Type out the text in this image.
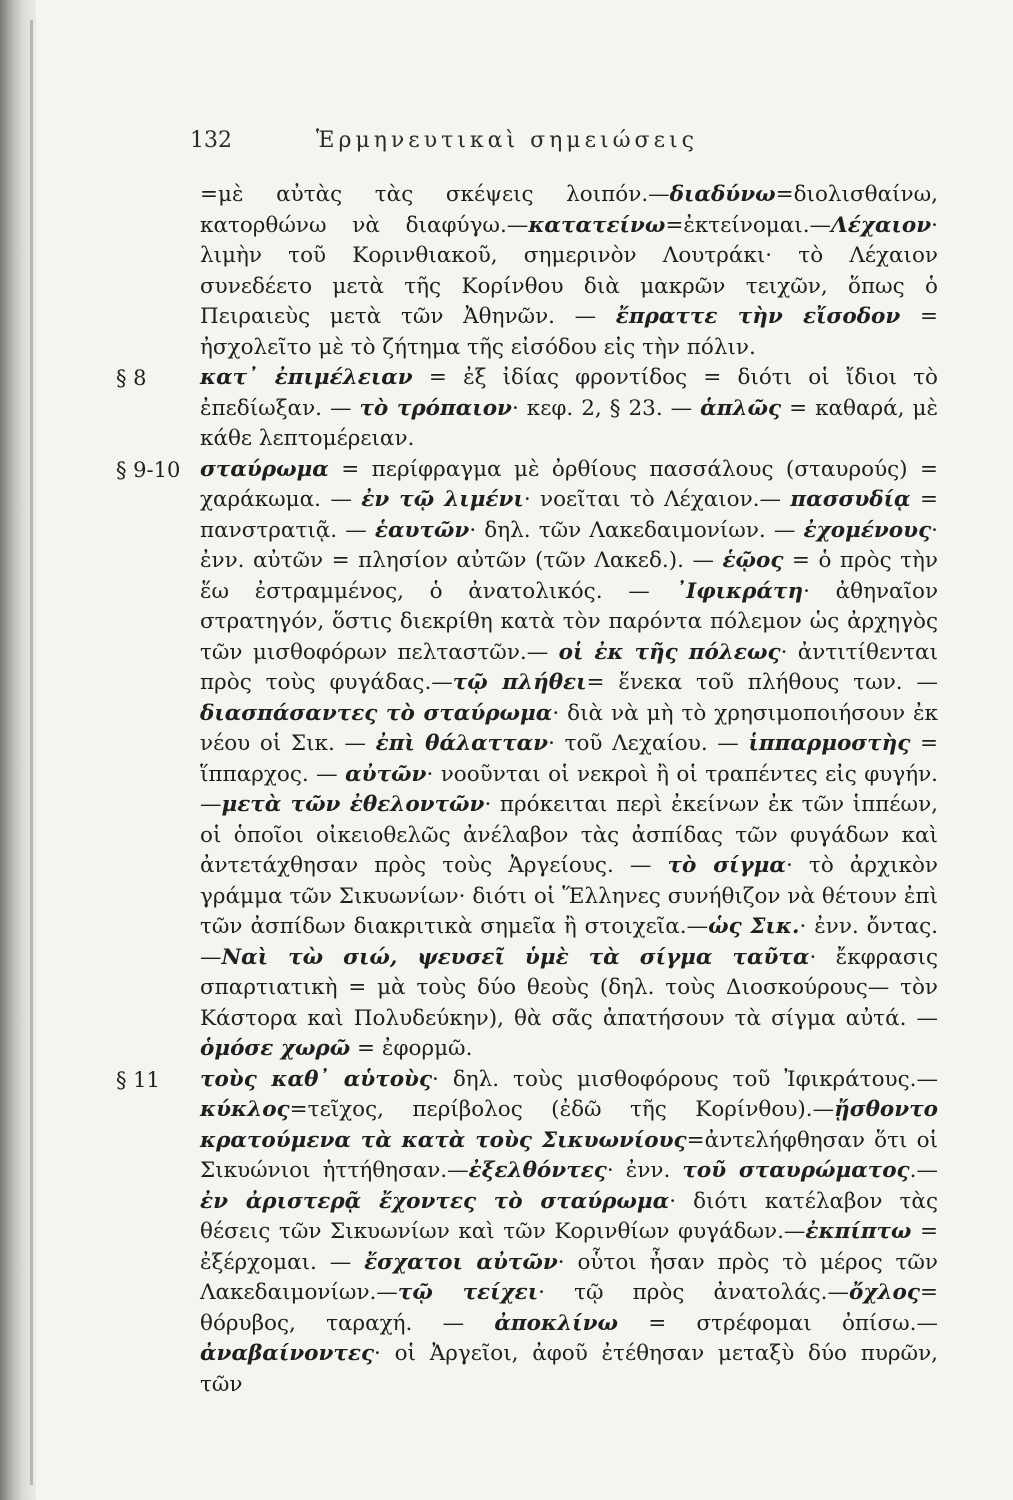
132	Ἑρμηνευτικαὶ σημειώσεις

=μὲ αὐτὰς τὰς σκέψεις λοιπόν.—διαδύνω=διολισθαίνω, κατορθώνω νὰ διαφύγω.—κατατείνω=ἐκτείνομαι.—Λέχαιον· λιμὴν τοῦ Κορινθιακοῦ, σημερινὸν Λουτράκι· τὸ Λέχαιον συνεδέετο μετὰ τῆς Κορίνθου διὰ μακρῶν τειχῶν, ὅπως ὁ Πειραιεὺς μετὰ τῶν Ἀθηνῶν. — ἔπραττε τὴν εἴσοδον = ἠσχολεῖτο μὲ τὸ ζήτημα τῆς εἰσόδου εἰς τὴν πόλιν.

§ 8 κατ᾿ ἐπιμέλειαν = ἐξ ἰδίας φροντίδος = διότι οἱ ἴδιοι τὸ ἐπεδίωξαν. — τὸ τρόπαιον· κεφ. 2, § 23. — ἁπλῶς = καθαρά, μὲ κάθε λεπτομέρειαν.

§ 9-10 σταύρωμα = περίφραγμα μὲ ὀρθίους πασσάλους (σταυρούς) = χαράκωμα. — ἐν τῷ λιμένι· νοεῖται τὸ Λέχαιον.— πασσυδίᾳ = πανστρατιᾷ. — ἑαυτῶν· δηλ. τῶν Λακεδαιμονίων. — ἐχομένους· ἐνν. αὐτῶν = πλησίον αὐτῶν (τῶν Λακεδ.). — ἑῷος = ὁ πρὸς τὴν ἕω ἐστραμμένος, ὁ ἀνατολικός. — ᾿Ιφικράτη· ἀθηναῖον στρατηγόν, ὅστις διεκρίθη κατὰ τὸν παρόντα πόλεμον ὡς ἀρχηγὸς τῶν μισθοφόρων πελταστῶν.— οἱ ἐκ τῆς πόλεως· ἀντιτίθενται πρὸς τοὺς φυγάδας.—τῷ πλήθει= ἕνεκα τοῦ πλήθους των. — διασπάσαντες τὸ σταύρωμα· διὰ νὰ μὴ τὸ χρησιμοποιήσουν ἐκ νέου οἱ Σικ. — ἐπὶ θάλατταν· τοῦ Λεχαίου. — ἱππαρμοστὴς = ἵππαρχος. — αὐτῶν· νοοῦνται οἱ νεκροὶ ἢ οἱ τραπέντες εἰς φυγήν.—μετὰ τῶν ἐθελοντῶν· πρόκειται περὶ ἐκείνων ἐκ τῶν ἱππέων, οἱ ὁποῖοι οἰκειοθελῶς ἀνέλαβον τὰς ἀσπίδας τῶν φυγάδων καὶ ἀντετάχθησαν πρὸς τοὺς Ἀργείους. — τὸ σίγμα· τὸ ἀρχικὸν γράμμα τῶν Σικυωνίων· διότι οἱ Ἕλληνες συνήθιζον νὰ θέτουν ἐπὶ τῶν ἀσπίδων διακριτικὰ σημεῖα ἢ στοιχεῖα.—ὡς Σικ.· ἐνν. ὄντας.—Ναὶ τὼ σιώ, ψευσεῖ ὑμὲ τὰ σίγμα ταῦτα· ἔκφρασις σπαρτιατικὴ = μὰ τοὺς δύο θεοὺς (δηλ. τοὺς Διοσκούρους— τὸν Κάστορα καὶ Πολυδεύκην), θὰ σᾶς ἀπατήσουν τὰ σίγμα αὐτά. — ὁμόσε χωρῶ = ἐφορμῶ.

§ 11 τοὺς καθ᾿ αὑτοὺς· δηλ. τοὺς μισθοφόρους τοῦ Ἰφικράτους.— κύκλος=τεῖχος, περίβολος (ἐδῶ τῆς Κορίνθου).—ᾔσθοντο κρατούμενα τὰ κατὰ τοὺς Σικυωνίους=ἀντελήφθησαν ὅτι οἱ Σικυώνιοι ἡττήθησαν.—ἐξελθόντες· ἐνν. τοῦ σταυρώματος.—ἐν ἀριστερᾷ ἔχοντες τὸ σταύρωμα· διότι κατέλαβον τὰς θέσεις τῶν Σικυωνίων καὶ τῶν Κορινθίων φυγάδων.—ἐκπίπτω = ἐξέρχομαι. — ἔσχατοι αὐτῶν· οὗτοι ἦσαν πρὸς τὸ μέρος τῶν Λακεδαιμονίων.—τῷ τείχει· τῷ πρὸς ἀνατολάς.—ὄχλος= θόρυβος, ταραχή. — ἀποκλίνω = στρέφομαι ὀπίσω.— ἀναβαίνοντες· οἱ Ἀργεῖοι, ἀφοῦ ἐτέθησαν μεταξὺ δύο πυρῶν, τῶν
